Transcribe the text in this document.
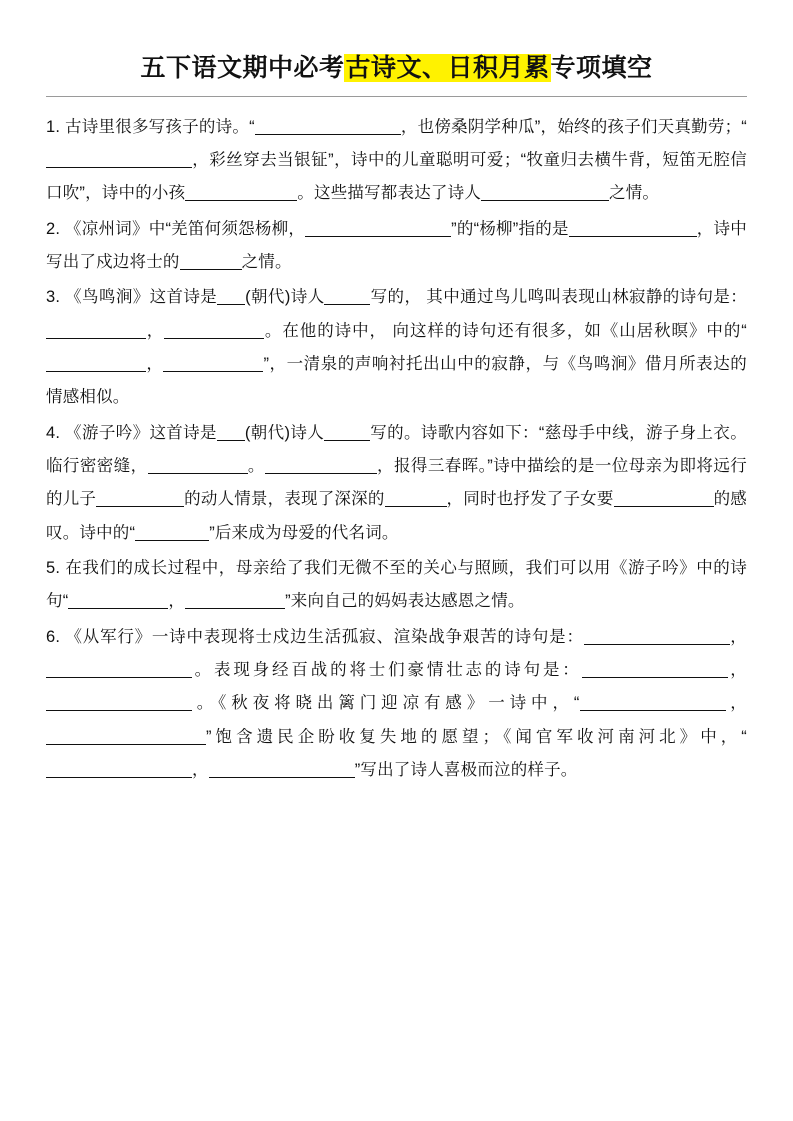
五下语文期中必考古诗文、日积月累专项填空

1. 古诗里很多写孩子的诗。“	，也傍桑阴学种瓜”，始终的孩子们天真勤劳；“，彩丝穿去当银钲”，诗中的儿童聪明可爱；“牧童归去横牛背，短笛无腔信口吹”，诗中的小孩	。这些描写都表达了诗人	之情。

2. 《凉州词》中“羌笛何须怨杨柳，	”的“杨柳”指的是	，诗中写出了戍边将士的	之情。

3. 《鸟鸣涧》这首诗是 (朝代)诗人	写的， 其中通过鸟儿鸣叫表现山林寂静的诗句是：，	。在他的诗中， 向这样的诗句还有很多，如《山居秋暝》中的“，	”，一清泉的声响衬托出山中的寂静，与《鸟鸣涧》借月所表达的情感相似。

4. 《游子吟》这首诗是 (朝代)诗人	写的。诗歌内容如下：“慈母手中线，游子身上衣。临行密密缝，	。	，报得三春晖。”诗中描绘的是一位母亲为即将远行的儿子	的动人情景，表现了深深的	，同时也抒发了子女要	的感叹。诗中的“	”后来成为母爱的代名词。

5. 在我们的成长过程中，母亲给了我们无微不至的关心与照顾，我们可以用《游子吟》中的诗句“	，	”来向自己的妈妈表达感恩之情。

6. 《从军行》一诗中表现将士戍边生活孤寂、渲染战争艰苦的诗句是：	，。表现身经百战的将士们豪情壮志的诗句是：	，。《秋夜将晓出篱门迎凉有感》一诗中，“	，”饱含遗民企盼收复失地的愿望；《闻官军收河南河北》中，“，	”写出了诗人喜极而泣的样子。
